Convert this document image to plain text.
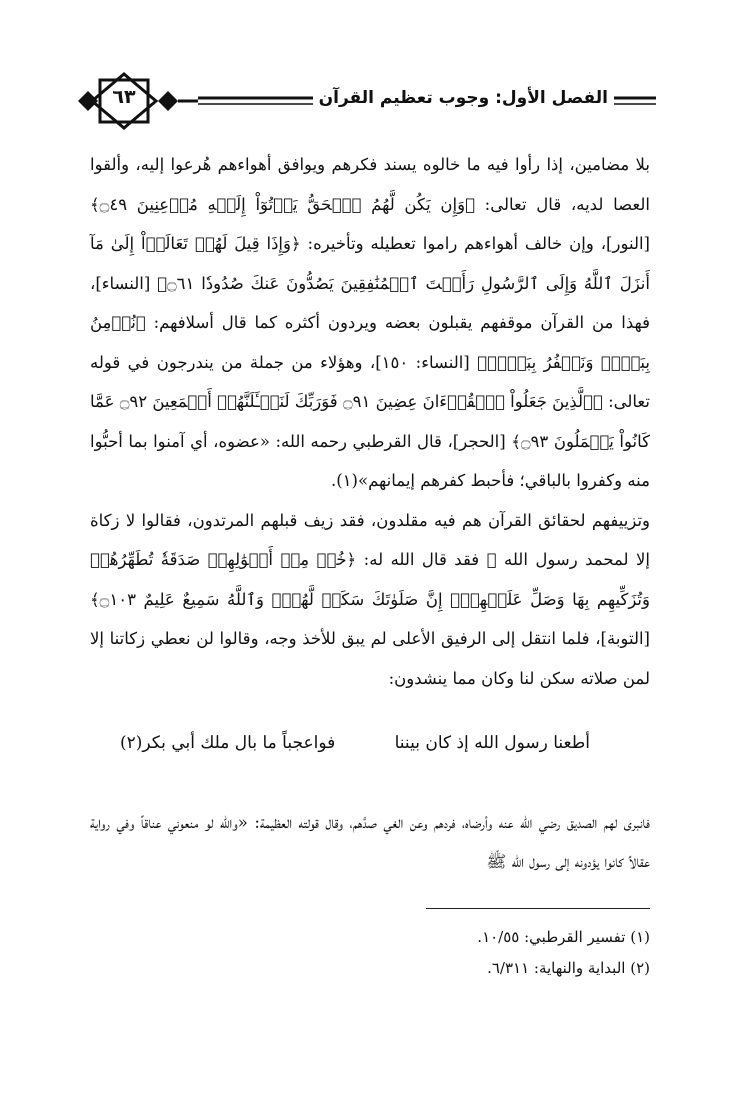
٦٣	الفصل الأول: وجوب تعظيم القرآن

بلا مضامين، إذا رأوا فيه ما خالوه يسند فكرهم ويوافق أهواءهم هُرعوا إليه، وألقوا العصا لديه، قال تعالى: ﴿وَإِن يَكُن لَّهُمُ ٱلۡحَقُّ يَأۡتُوٓاْ إِلَيۡهِ مُذۡعِنِينَ ۝٤٩﴾ [النور]، وإن خالف أهواءهم راموا تعطيله وتأخيره: ﴿وَإِذَا قِيلَ لَهُمۡ تَعَالَوۡاْ إِلَىٰ مَآ أَنزَلَ ٱللَّهُ وَإِلَى ٱلرَّسُولِ رَأَيۡتَ ٱلۡمُنَٰفِقِينَ يَصُدُّونَ عَنكَ صُدُودٗا ۝٦١﴾ [النساء]، فهذا من القرآن موقفهم يقبلون بعضه ويردون أكثره كما قال أسلافهم: ﴿نُؤۡمِنُ بِبَعۡضٖ وَنَكۡفُرُ بِبَعۡضٖ﴾ [النساء: ١٥٠]، وهؤلاء من جملة من يندرجون في قوله تعالى: ﴿ٱلَّذِينَ جَعَلُواْ ٱلۡقُرۡءَانَ عِضِينَ ۝٩١ فَوَرَبِّكَ لَنَسۡـَٔلَنَّهُمۡ أَجۡمَعِينَ ۝٩٢ عَمَّا كَانُواْ يَعۡمَلُونَ ۝٩٣﴾ [الحجر]، قال القرطبي رحمه الله: «عضوه، أي آمنوا بما أحبُّوا منه وكفروا بالباقي؛ فأحبط كفرهم إيمانهم»(١).

وتزييفهم لحقائق القرآن هم فيه مقلدون، فقد زيف قبلهم المرتدون، فقالوا لا زكاة إلا لمحمد رسول الله ﷺ فقد قال الله له: ﴿خُذۡ مِنۡ أَمۡوَٰلِهِمۡ صَدَقَةٗ تُطَهِّرُهُمۡ وَتُزَكِّيهِم بِهَا وَصَلِّ عَلَيۡهِمۡۖ إِنَّ صَلَوٰتَكَ سَكَنٞ لَّهُمۡۗ وَٱللَّهُ سَمِيعٌ عَلِيمٌ ۝١٠٣﴾ [التوبة]، فلما انتقل إلى الرفيق الأعلى لم يبق للأخذ وجه، وقالوا لن نعطي زكاتنا إلا لمن صلاته سكن لنا وكان مما ينشدون:

أطعنا رسول الله إذ كان بيننا
فواعجباً ما بال ملك أبي بكر(٢)

فانبرى لهم الصديق رضي الله عنه وأرضاه، فردهم وعن الغي صدَّهم، وقال قولته العظيمة: «والله لو منعوني عناقاً وفي رواية عقالاً كانوا يؤدونه إلى رسول الله ﷺ

(١) تفسير القرطبي: ١٠/٥٥.
(٢) البداية والنهاية: ٦/٣١١.
